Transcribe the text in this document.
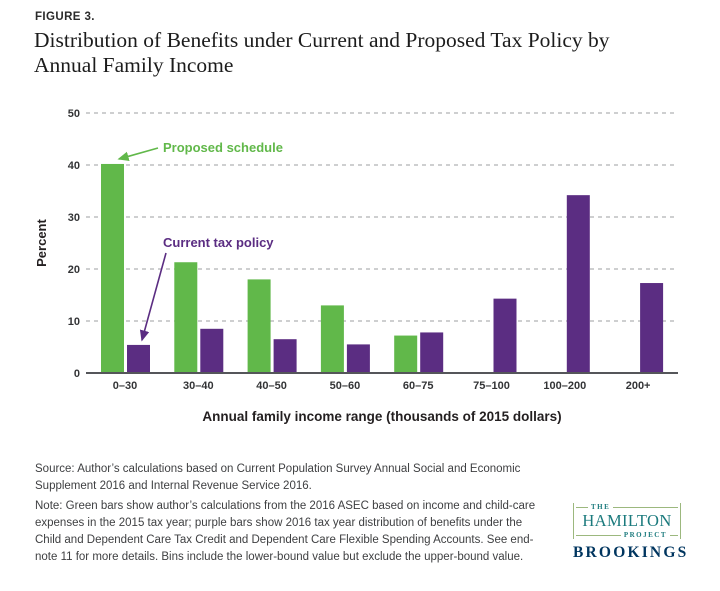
FIGURE 3.
Distribution of Benefits under Current and Proposed Tax Policy by
Annual Family Income
0–30	30–40	40–50	50–60	60–75	75–100	100–200	200+
0
10
20
30
40
50
Percent
Annual family income range (thousands of 2015 dollars)
Proposed schedule
Current tax policy
Source: Author’s calculations based on Current Population Survey Annual Social and Economic
Supplement 2016 and Internal Revenue Service 2016.
Note: Green bars show author’s calculations from the 2016 ASEC based on income and child-care
expenses in the 2015 tax year; purple bars show 2016 tax year distribution of benefits under the
Child and Dependent Care Tax Credit and Dependent Care Flexible Spending Accounts. See end-
note 11 for more details. Bins include the lower-bound value but exclude the upper-bound value.
THE
HAMILTON
PROJECT
BROOKINGS
